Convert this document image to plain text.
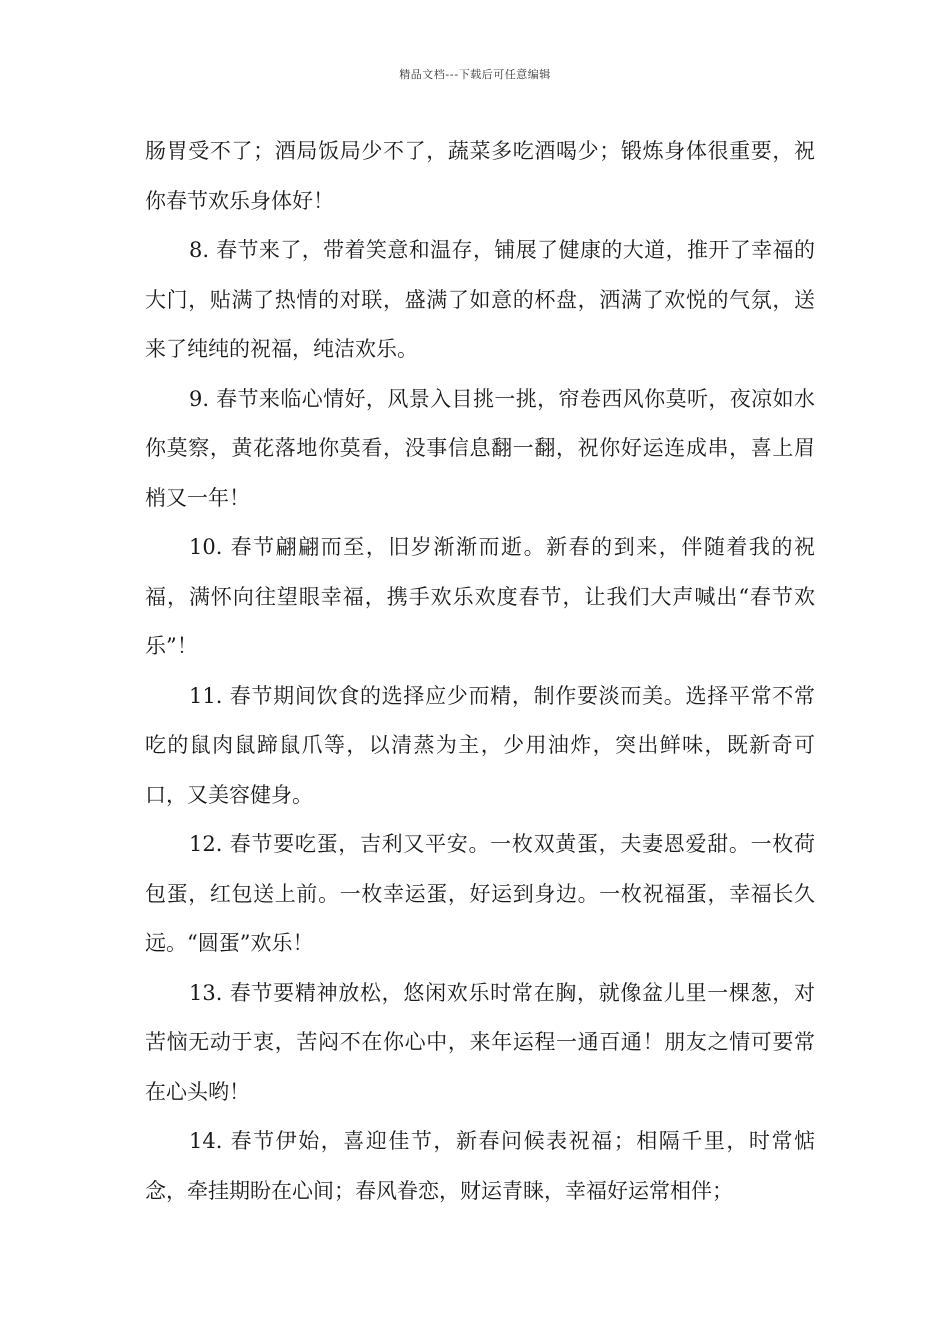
精品文档---下载后可任意编辑

肠胃受不了；酒局饭局少不了，蔬菜多吃酒喝少；锻炼身体很重要，祝你春节欢乐身体好！

8. 春节来了，带着笑意和温存，铺展了健康的大道，推开了幸福的大门，贴满了热情的对联，盛满了如意的杯盘，洒满了欢悦的气氛，送来了纯纯的祝福，纯洁欢乐。

9. 春节来临心情好，风景入目挑一挑，帘卷西风你莫听，夜凉如水你莫察，黄花落地你莫看，没事信息翻一翻，祝你好运连成串，喜上眉梢又一年！

10. 春节翩翩而至，旧岁渐渐而逝。新春的到来，伴随着我的祝福，满怀向往望眼幸福，携手欢乐欢度春节，让我们大声喊出“春节欢乐”！

11. 春节期间饮食的选择应少而精，制作要淡而美。选择平常不常吃的鼠肉鼠蹄鼠爪等，以清蒸为主，少用油炸，突出鲜味，既新奇可口，又美容健身。

12. 春节要吃蛋，吉利又平安。一枚双黄蛋，夫妻恩爱甜。一枚荷包蛋，红包送上前。一枚幸运蛋，好运到身边。一枚祝福蛋，幸福长久远。“圆蛋”欢乐！

13. 春节要精神放松，悠闲欢乐时常在胸，就像盆儿里一棵葱，对苦恼无动于衷，苦闷不在你心中，来年运程一通百通！朋友之情可要常在心头哟！

14. 春节伊始，喜迎佳节，新春问候表祝福；相隔千里，时常惦念，牵挂期盼在心间；春风眷恋，财运青睐，幸福好运常相伴；
